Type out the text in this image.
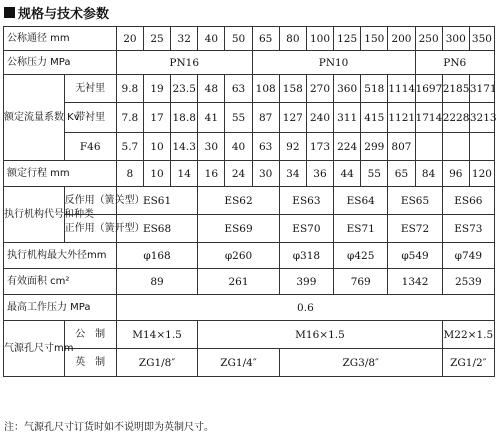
规格与技术参数
公称通径 mm		20	25	32	40	50	65	80	100	125	150	200	250	300	350
公称压力 MPa		PN16					PN10						PN6		
额定流量系数 Kv	无衬里	9.8	19	23.5	48	63	108	158	270	360	518	1114	1697	2185	3171
	带衬里	7.8	17	18.8	41	55	87	127	240	311	415	1121	1714	2228	3213
	F46	5.7	10	14.3	30	40	63	92	173	224	299	807			
额定行程 mm		8	10	14	16	24	30	34	36	44	55	65	84	96	120
执行机构代号和种类	反作用（簧关型）	ES61			ES62			ES63		ES64		ES65		ES66	
	正作用（簧开型）	ES68			ES69			ES70		ES71		ES72		ES73	
执行机构最大外径mm		φ168			φ260			φ318		φ425		φ549		φ749	
有效面积 cm²		89			261			399		769		1342		2539	
最高工作压力 MPa		0.6													
气源孔尺寸mm	公　制	M14×1.5			M16×1.5									M22×1.5	
	英　制	ZG1/8″			ZG1/4″			ZG3/8″						ZG1/2″	
注：气源孔尺寸订货时如不说明即为英制尺寸。
